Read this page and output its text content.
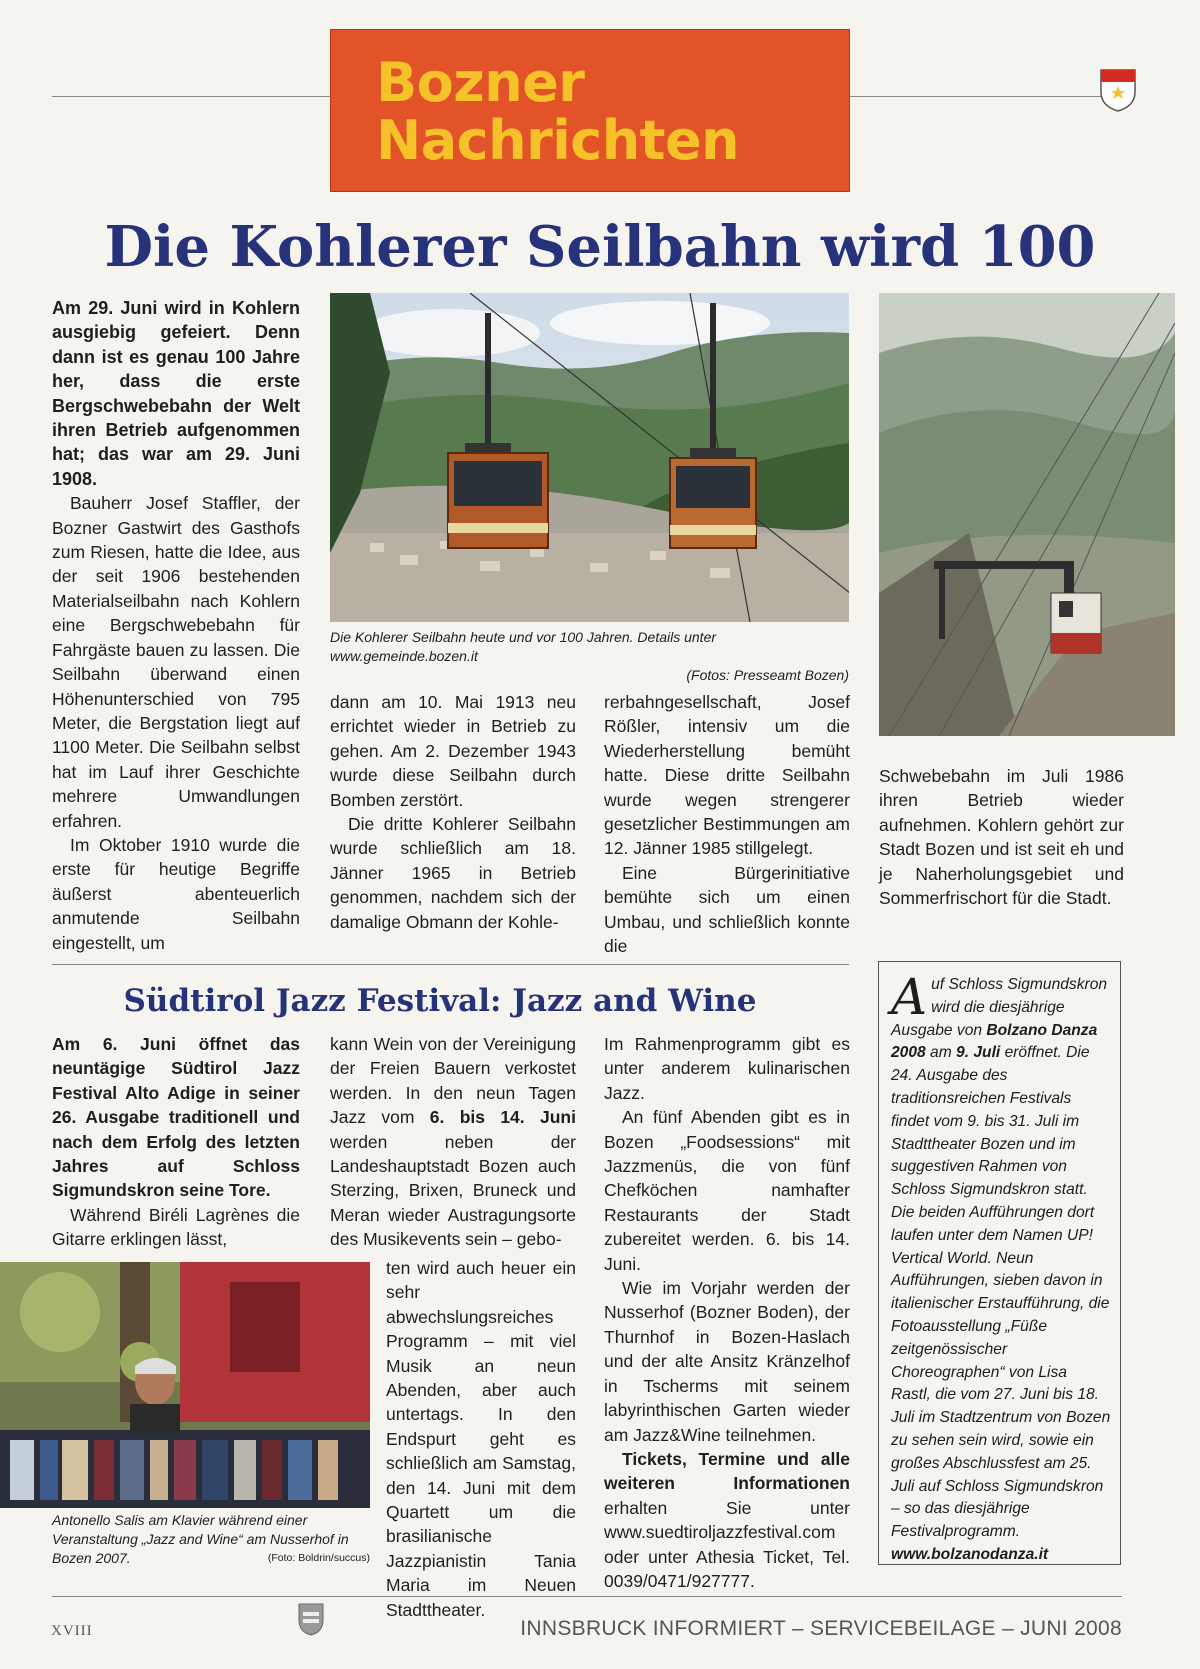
Bozner
Nachrichten
Die Kohlerer Seilbahn wird 100
Die Kohlerer Seilbahn heute und vor 100 Jahren. Details unter www.gemeinde.bozen.it
(Fotos: Presseamt Bozen)

Am 29. Juni wird in Kohlern ausgiebig gefeiert. Denn dann ist es genau 100 Jahre her, dass die erste Bergschwebebahn der Welt ihren Betrieb aufgenommen hat; das war am 29. Juni 1908.

Bauherr Josef Staffler, der Bozner Gastwirt des Gasthofs zum Riesen, hatte die Idee, aus der seit 1906 bestehenden Materialseilbahn nach Kohlern eine Bergschwebebahn für Fahrgäste bauen zu lassen. Die Seilbahn überwand einen Höhenunterschied von 795 Meter, die Bergstation liegt auf 1100 Meter. Die Seilbahn selbst hat im Lauf ihrer Geschichte mehrere Umwandlungen erfahren.

Im Oktober 1910 wurde die erste für heutige Begriffe äußerst abenteuerlich anmutende Seilbahn eingestellt, um

dann am 10. Mai 1913 neu errichtet wieder in Betrieb zu gehen. Am 2. Dezember 1943 wurde diese Seilbahn durch Bomben zerstört.

Die dritte Kohlerer Seilbahn wurde schließlich am 18. Jänner 1965 in Betrieb genommen, nachdem sich der damalige Obmann der Kohle-

rerbahngesellschaft, Josef Rößler, intensiv um die Wiederherstellung bemüht hatte. Diese dritte Seilbahn wurde wegen strengerer gesetzlicher Bestimmungen am 12. Jänner 1985 stillgelegt.

Eine Bürgerinitiative bemühte sich um einen Umbau, und schließlich konnte die

Schwebebahn im Juli 1986 ihren Betrieb wieder aufnehmen. Kohlern gehört zur Stadt Bozen und ist seit eh und je Naherholungsgebiet und Sommerfrischort für die Stadt.

Südtirol Jazz Festival: Jazz and Wine

Am 6. Juni öffnet das neuntägige Südtirol Jazz Festival Alto Adige in seiner 26. Ausgabe traditionell und nach dem Erfolg des letzten Jahres auf Schloss Sigmundskron seine Tore.

Während Biréli Lagrènes die Gitarre erklingen lässt,

Antonello Salis am Klavier während einer Veranstaltung „Jazz and Wine“ am Nusserhof in Bozen 2007.	(Foto: Boldrin/succus)

kann Wein von der Vereinigung der Freien Bauern verkostet werden. In den neun Tagen Jazz vom 6. bis 14. Juni werden neben der Landeshauptstadt Bozen auch Sterzing, Brixen, Bruneck und Meran wieder Austragungsorte des Musikevents sein – gebo-

ten wird auch heuer ein sehr abwechslungsreiches Programm – mit viel Musik an neun Abenden, aber auch untertags. In den Endspurt geht es schließlich am Samstag, den 14. Juni mit dem Quartett um die brasilianische Jazzpianistin Tania Maria im Neuen Stadttheater.

Im Rahmenprogramm gibt es unter anderem kulinarischen Jazz.

An fünf Abenden gibt es in Bozen „Foodsessions“ mit Jazzmenüs, die von fünf Chefköchen namhafter Restaurants der Stadt zubereitet werden. 6. bis 14. Juni.

Wie im Vorjahr werden der Nusserhof (Bozner Boden), der Thurnhof in Bozen-Haslach und der alte Ansitz Kränzelhof in Tscherms mit seinem labyrinthischen Garten wieder am Jazz&Wine teilnehmen.

Tickets, Termine und alle weiteren Informationen erhalten Sie unter www.suedtiroljazzfestival.com oder unter Athesia Ticket, Tel. 0039/0471/927777.

Auf Schloss Sigmundskron wird die diesjährige Ausgabe von Bolzano Danza 2008 am 9. Juli eröffnet. Die 24. Ausgabe des traditionsreichen Festivals findet vom 9. bis 31. Juli im Stadttheater Bozen und im suggestiven Rahmen von Schloss Sigmundskron statt.
Die beiden Aufführungen dort laufen unter dem Namen UP! Vertical World. Neun Aufführungen, sieben davon in italienischer Erstaufführung, die Fotoausstellung „Füße zeitgenössischer Choreographen“ von Lisa Rastl, die vom 27. Juni bis 18. Juli im Stadtzentrum von Bozen zu sehen sein wird, sowie ein großes Abschlussfest am 25. Juli auf Schloss Sigmundskron – so das diesjährige Festivalprogramm.
www.bolzanodanza.it
XVIII	INNSBRUCK INFORMIERT – SERVICEBEILAGE – JUNI 2008
